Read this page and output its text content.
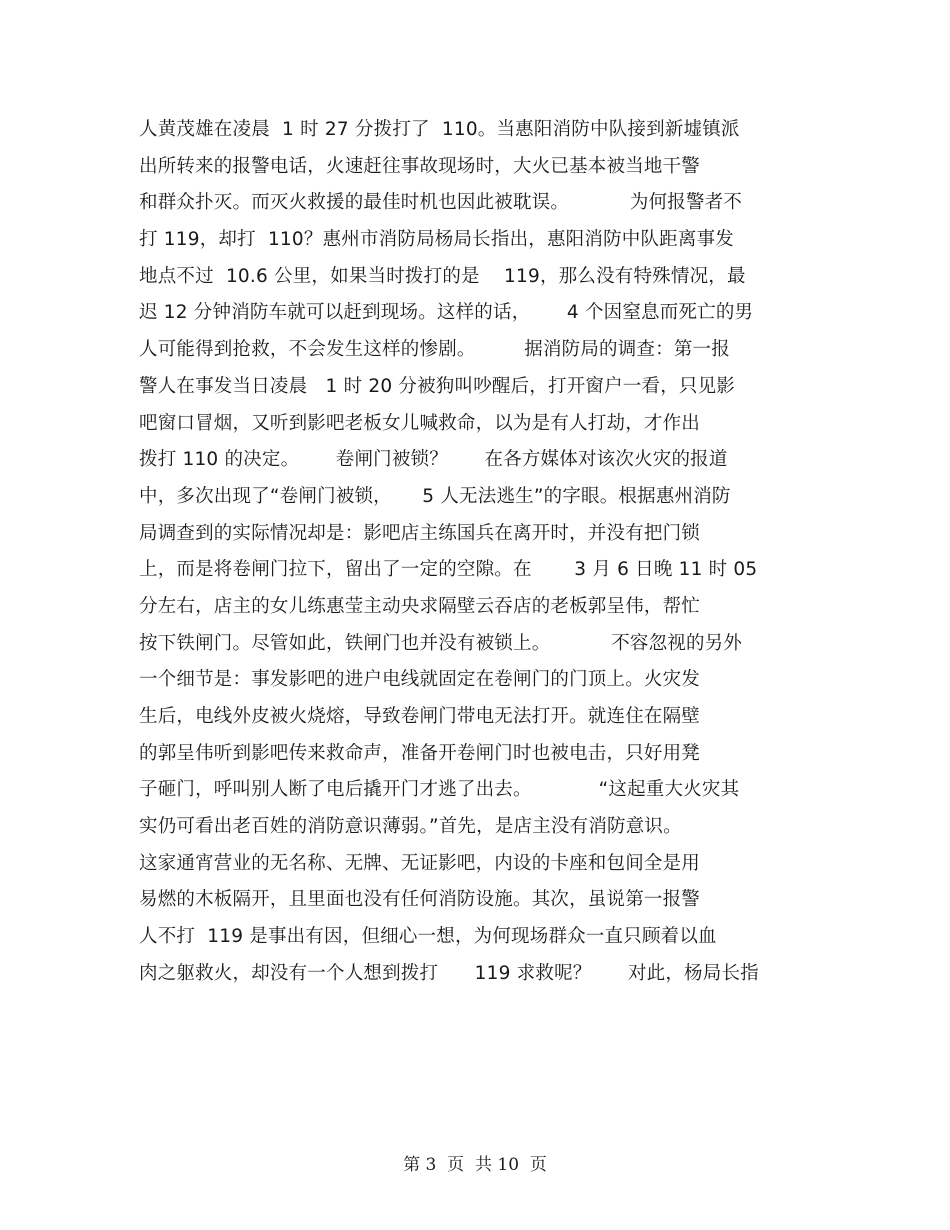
人黄茂雄在凌晨  1 时 27 分拨打了  110。当惠阳消防中队接到新墟镇派
出所转来的报警电话，火速赶往事故现场时，大火已基本被当地干警
和群众扑灭。而灭火救援的最佳时机也因此被耽误。          为何报警者不
打 119，却打  110？惠州市消防局杨局长指出，惠阳消防中队距离事发
地点不过  10.6 公里，如果当时拨打的是    119，那么没有特殊情况，最
迟 12 分钟消防车就可以赶到现场。这样的话，      4 个因窒息而死亡的男
人可能得到抢救，不会发生这样的惨剧。        据消防局的调查：第一报
警人在事发当日凌晨   1 时 20 分被狗叫吵醒后，打开窗户一看，只见影
吧窗口冒烟，又听到影吧老板女儿喊救命，以为是有人打劫，才作出
拨打 110 的决定。      卷闸门被锁？      在各方媒体对该次火灾的报道
中，多次出现了“卷闸门被锁，     5 人无法逃生”的字眼。根据惠州消防
局调查到的实际情况却是：影吧店主练国兵在离开时，并没有把门锁
上，而是将卷闸门拉下，留出了一定的空隙。在       3 月 6 日晚 11 时 05
分左右，店主的女儿练惠莹主动央求隔壁云吞店的老板郭呈伟，帮忙
按下铁闸门。尽管如此，铁闸门也并没有被锁上。          不容忽视的另外
一个细节是：事发影吧的进户电线就固定在卷闸门的门顶上。火灾发
生后，电线外皮被火烧熔，导致卷闸门带电无法打开。就连住在隔壁
的郭呈伟听到影吧传来救命声，准备开卷闸门时也被电击，只好用凳
子砸门，呼叫别人断了电后撬开门才逃了出去。           “这起重大火灾其
实仍可看出老百姓的消防意识薄弱。”首先，是店主没有消防意识。
这家通宵营业的无名称、无牌、无证影吧，内设的卡座和包间全是用
易燃的木板隔开，且里面也没有任何消防设施。其次，虽说第一报警
人不打  119 是事出有因，但细心一想，为何现场群众一直只顾着以血
肉之躯救火，却没有一个人想到拨打      119 求救呢？      对此，杨局长指
第 3  页  共 10  页
